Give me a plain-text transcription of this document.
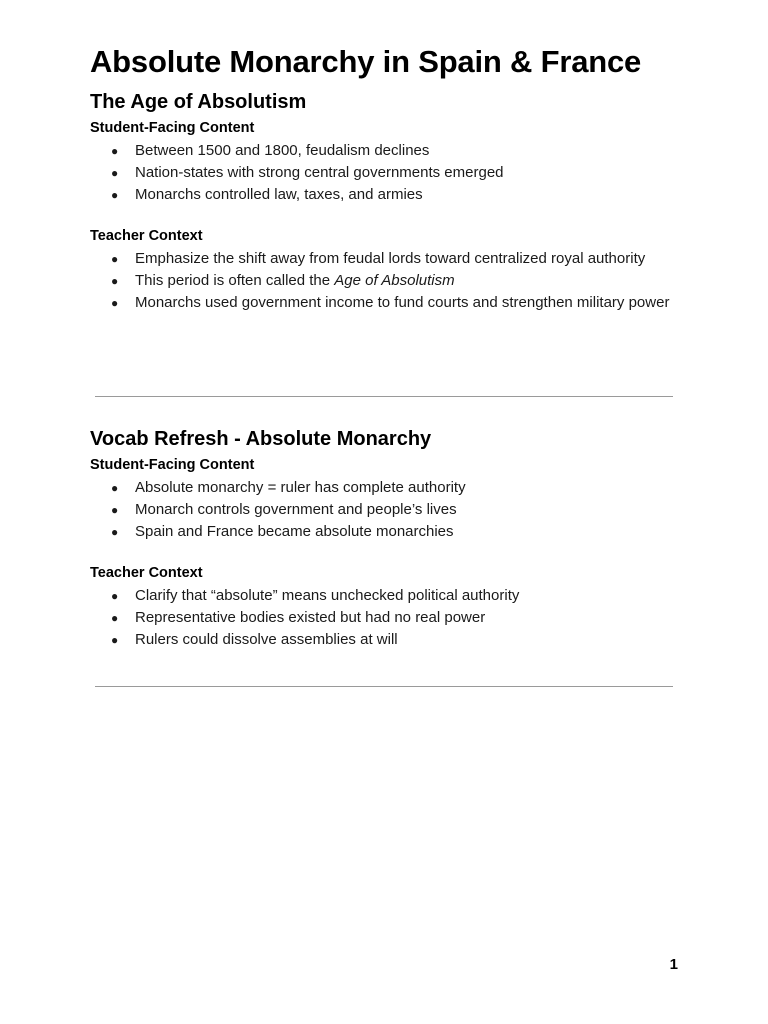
Absolute Monarchy in Spain & France
The Age of Absolutism
Student-Facing Content
● Between 1500 and 1800, feudalism declines
● Nation-states with strong central governments emerged
● Monarchs controlled law, taxes, and armies
Teacher Context
● Emphasize the shift away from feudal lords toward centralized royal authority
● This period is often called the Age of Absolutism
● Monarchs used government income to fund courts and strengthen military power
Vocab Refresh - Absolute Monarchy
Student-Facing Content
● Absolute monarchy = ruler has complete authority
● Monarch controls government and people’s lives
● Spain and France became absolute monarchies
Teacher Context
● Clarify that “absolute” means unchecked political authority
● Representative bodies existed but had no real power
● Rulers could dissolve assemblies at will
1
